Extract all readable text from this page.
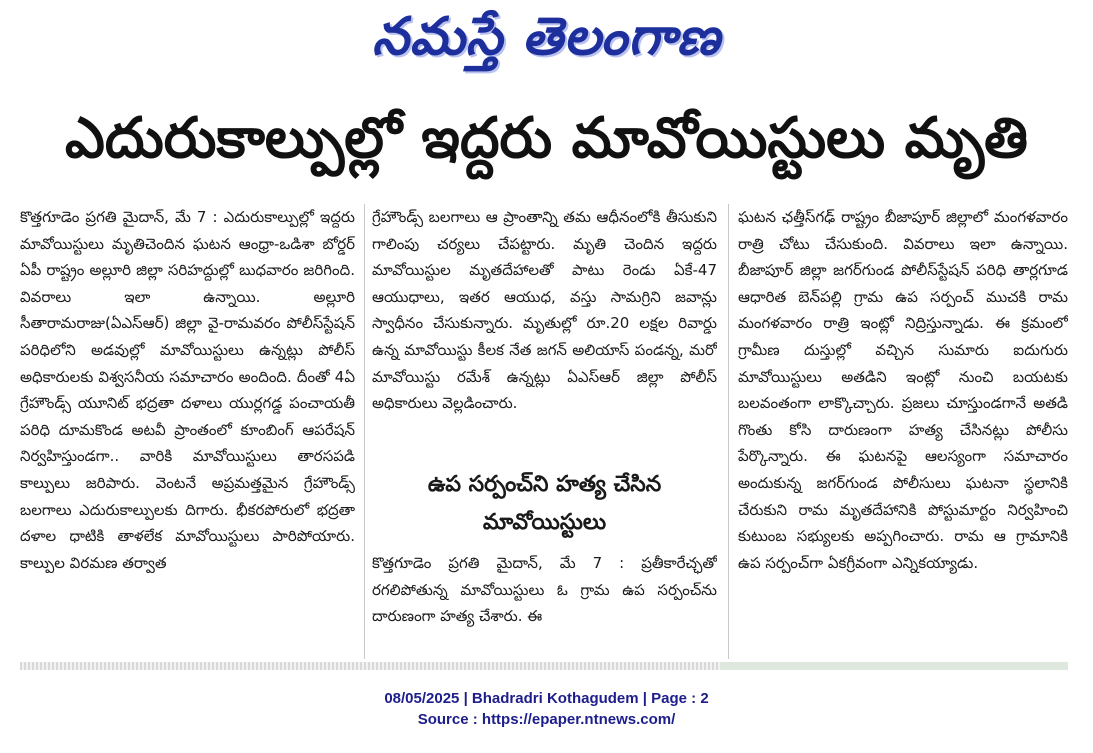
నమస్తే తెలంగాణ
ఎదురుకాల్పుల్లో ఇద్దరు మావోయిస్టులు మృతి

కొత్తగూడెం ప్రగతి మైదాన్, మే 7 : ఎదురుకాల్పుల్లో ఇద్దరు మావోయిస్టులు మృతిచెందిన ఘటన ఆంధ్రా-ఒడిశా బోర్డర్ ఏపీ రాష్ట్రం అల్లూరి జిల్లా సరిహద్దుల్లో బుధవారం జరిగింది. వివరాలు ఇలా ఉన్నాయి. అల్లూరి సీతారామరాజు(ఏఎస్ఆర్) జిల్లా వై-రామవరం పోలీస్‌స్టేషన్ పరిధిలోని అడవుల్లో మావోయిస్టులు ఉన్నట్లు పోలీస్ అధికారులకు విశ్వసనీయ సమాచారం అందింది. దీంతో 4ఏ గ్రేహౌండ్స్ యూనిట్ భద్రతా దళాలు యుర్లగడ్డ పంచాయతీ పరిధి దూమకొండ అటవీ ప్రాంతంలో కూంబింగ్ ఆపరేషన్ నిర్వహిస్తుండగా.. వారికి మావోయిస్టులు తారసపడి కాల్పులు జరిపారు. వెంటనే అప్రమత్తమైన గ్రేహౌండ్స్ బలగాలు ఎదురుకాల్పులకు దిగారు. భీకరపోరులో భద్రతా దళాల ధాటికి తాళలేక మావోయిస్టులు పారిపోయారు. కాల్పుల విరమణ తర్వాత

గ్రేహౌండ్స్ బలగాలు ఆ ప్రాంతాన్ని తమ ఆధీనంలోకి తీసుకుని గాలింపు చర్యలు చేపట్టారు. మృతి చెందిన ఇద్దరు మావోయిస్టుల మృతదేహాలతో పాటు రెండు ఏకే-47 ఆయుధాలు, ఇతర ఆయుధ, వస్తు సామగ్రిని జవాన్లు స్వాధీనం చేసుకున్నారు. మృతుల్లో రూ.20 లక్షల రివార్డు ఉన్న మావోయిస్టు కీలక నేత జగన్ అలియాస్ పండన్న, మరో మావోయిస్టు రమేశ్ ఉన్నట్లు ఏఎస్ఆర్ జిల్లా పోలీస్ అధికారులు వెల్లడించారు.

ఉప సర్పంచ్‌ని హత్య చేసిన
మావోయిస్టులు

కొత్తగూడెం ప్రగతి మైదాన్, మే 7 : ప్రతీకారేచ్ఛతో రగలిపోతున్న మావోయిస్టులు ఓ గ్రామ ఉప సర్పంచ్‌ను దారుణంగా హత్య చేశారు. ఈ

ఘటన ఛత్తీస్‌గఢ్ రాష్ట్రం బీజాపూర్ జిల్లాలో మంగళవారం రాత్రి చోటు చేసుకుంది. వివరాలు ఇలా ఉన్నాయి. బీజాపూర్ జిల్లా జగర్‌గుండ పోలీస్‌స్టేషన్ పరిధి తార్లగూడ ఆధారిత బెన్‌పల్లి గ్రామ ఉప సర్పంచ్ ముచకి రామ మంగళవారం రాత్రి ఇంట్లో నిద్రిస్తున్నాడు. ఈ క్రమంలో గ్రామీణ దుస్తుల్లో వచ్చిన సుమారు ఐదుగురు మావోయిస్టులు అతడిని ఇంట్లో నుంచి బయటకు బలవంతంగా లాక్కొచ్చారు. ప్రజలు చూస్తుండగానే అతడి గొంతు కోసి దారుణంగా హత్య చేసినట్లు పోలీసు పేర్కొన్నారు. ఈ ఘటనపై ఆలస్యంగా సమాచారం అందుకున్న జగర్‌గుండ పోలీసులు ఘటనా స్థలానికి చేరుకుని రామ మృతదేహానికి పోస్టుమార్టం నిర్వహించి కుటుంబ సభ్యులకు అప్పగించారు. రామ ఆ గ్రామానికి ఉప సర్పంచ్‌గా ఏకగ్రీవంగా ఎన్నికయ్యాడు.

08/05/2025 | Bhadradri Kothagudem | Page : 2
Source : https://epaper.ntnews.com/
